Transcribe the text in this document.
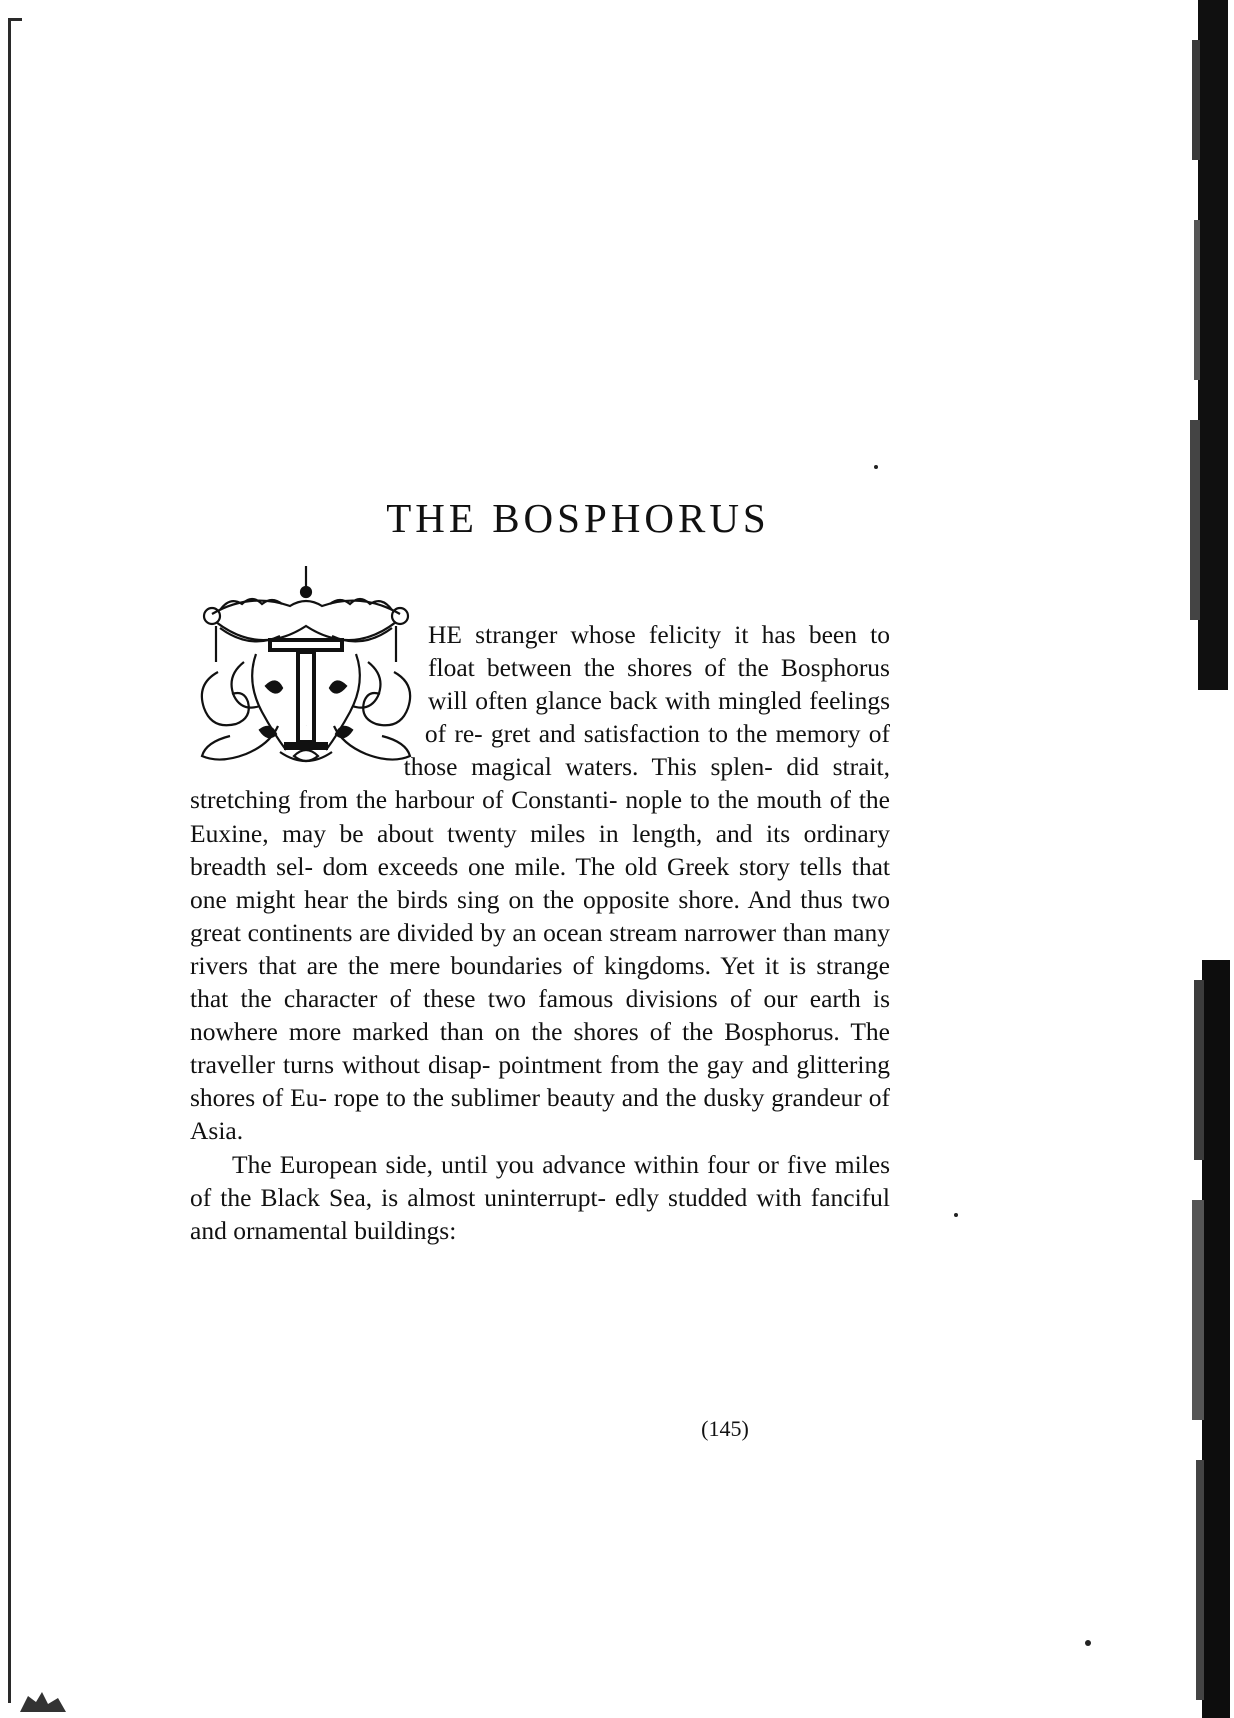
THE BOSPHORUS
T

HE stranger whose felicity it has been to float between the shores of the Bosphorus will often glance back with mingled feelings of re- gret and satisfaction to the memory of those magical waters. This splen- did strait, stretching from the harbour of Constanti- nople to the mouth of the Euxine, may be about twenty miles in length, and its ordinary breadth sel- dom exceeds one mile. The old Greek story tells that one might hear the birds sing on the opposite shore. And thus two great continents are divided by an ocean stream narrower than many rivers that are the mere boundaries of kingdoms. Yet it is strange that the character of these two famous divisions of our earth is nowhere more marked than on the shores of the Bosphorus. The traveller turns without disap- pointment from the gay and glittering shores of Eu- rope to the sublimer beauty and the dusky grandeur of Asia.

The European side, until you advance within four or five miles of the Black Sea, is almost uninterrupt- edly studded with fanciful and ornamental buildings:

(145)
